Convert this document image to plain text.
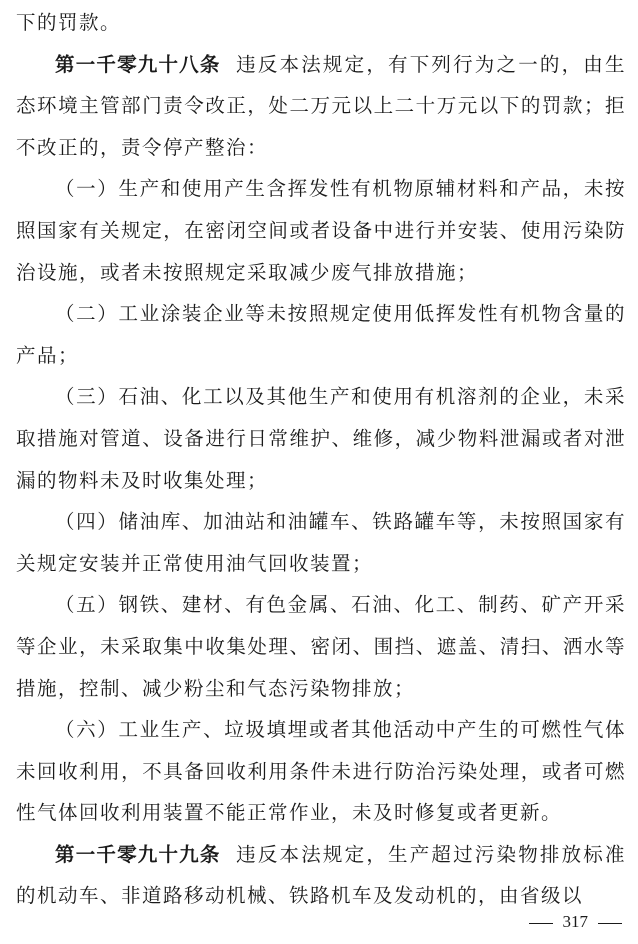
下的罚款。

第一千零九十八条 违反本法规定，有下列行为之一的，由生态环境主管部门责令改正，处二万元以上二十万元以下的罚款；拒不改正的，责令停产整治：

（一）生产和使用产生含挥发性有机物原辅材料和产品，未按照国家有关规定，在密闭空间或者设备中进行并安装、使用污染防治设施，或者未按照规定采取减少废气排放措施；

（二）工业涂装企业等未按照规定使用低挥发性有机物含量的产品；

（三）石油、化工以及其他生产和使用有机溶剂的企业，未采取措施对管道、设备进行日常维护、维修，减少物料泄漏或者对泄漏的物料未及时收集处理；

（四）储油库、加油站和油罐车、铁路罐车等，未按照国家有关规定安装并正常使用油气回收装置；

（五）钢铁、建材、有色金属、石油、化工、制药、矿产开采等企业，未采取集中收集处理、密闭、围挡、遮盖、清扫、洒水等措施，控制、减少粉尘和气态污染物排放；

（六）工业生产、垃圾填埋或者其他活动中产生的可燃性气体未回收利用，不具备回收利用条件未进行防治污染处理，或者可燃性气体回收利用装置不能正常作业，未及时修复或者更新。

第一千零九十九条 违反本法规定，生产超过污染物排放标准的机动车、非道路移动机械、铁路机车及发动机的，由省级以

317
